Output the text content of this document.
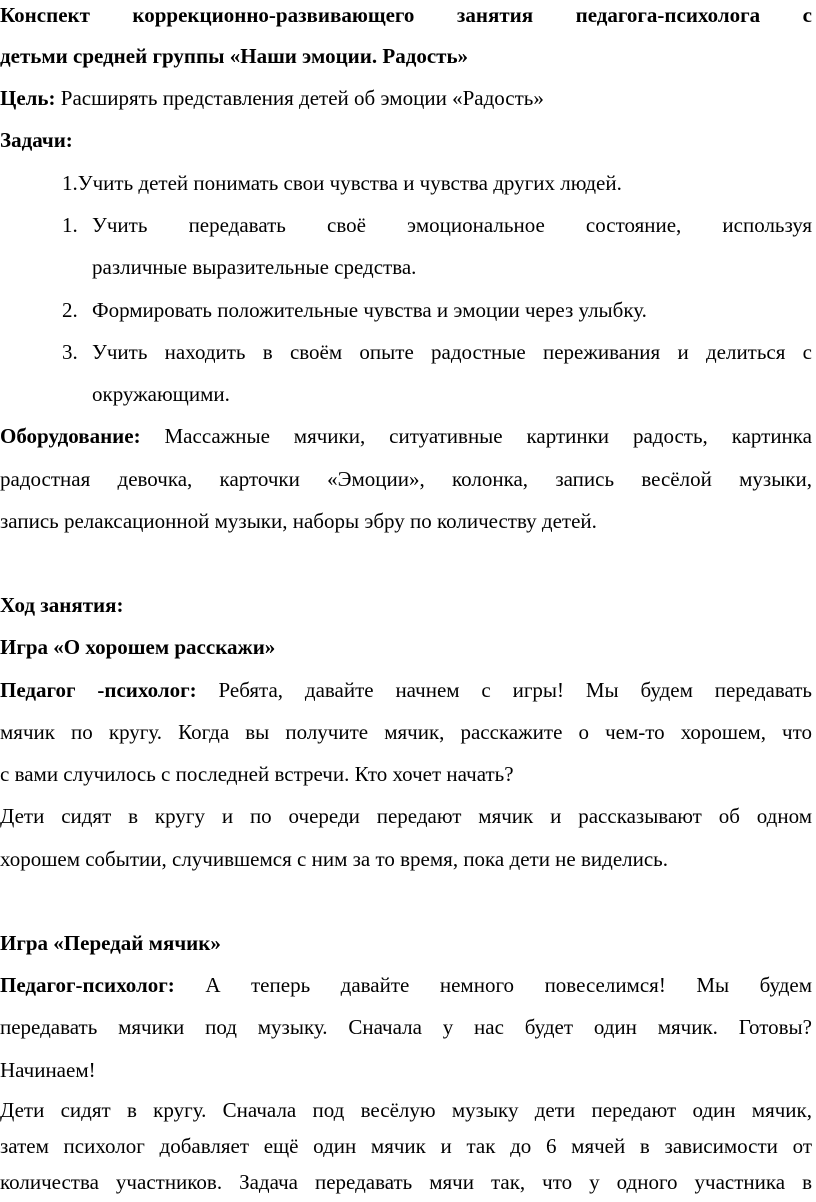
Конспект коррекционно-развивающего занятия педагога-психолога с
детьми средней группы «Наши эмоции. Радость»
Цель: Расширять представления детей об эмоции «Радость»
Задачи:
1.Учить детей понимать свои чувства и чувства других людей.
1. Учить передавать своё эмоциональное состояние, используя
различные выразительные средства.
2. Формировать положительные чувства и эмоции через улыбку.
3. Учить находить в своём опыте радостные переживания и делиться с
окружающими.
Оборудование: Массажные мячики, ситуативные картинки радость, картинка
радостная девочка, карточки «Эмоции», колонка, запись весёлой музыки,
запись релаксационной музыки, наборы эбру по количеству детей.
Ход занятия:
Игра «О хорошем расскажи»
Педагог -психолог: Ребята, давайте начнем с игры! Мы будем передавать
мячик по кругу. Когда вы получите мячик, расскажите о чем-то хорошем, что
с вами случилось с последней встречи. Кто хочет начать?
Дети сидят в кругу и по очереди передают мячик и рассказывают об одном
хорошем событии, случившемся с ним за то время, пока дети не виделись.
Игра «Передай мячик»
Педагог-психолог: А теперь давайте немного повеселимся! Мы будем
передавать мячики под музыку. Сначала у нас будет один мячик. Готовы?
Начинаем!
Дети сидят в кругу. Сначала под весёлую музыку дети передают один мячик,
затем психолог добавляет ещё один мячик и так до 6 мячей в зависимости от
количества участников. Задача передавать мячи так, что у одного участника в
